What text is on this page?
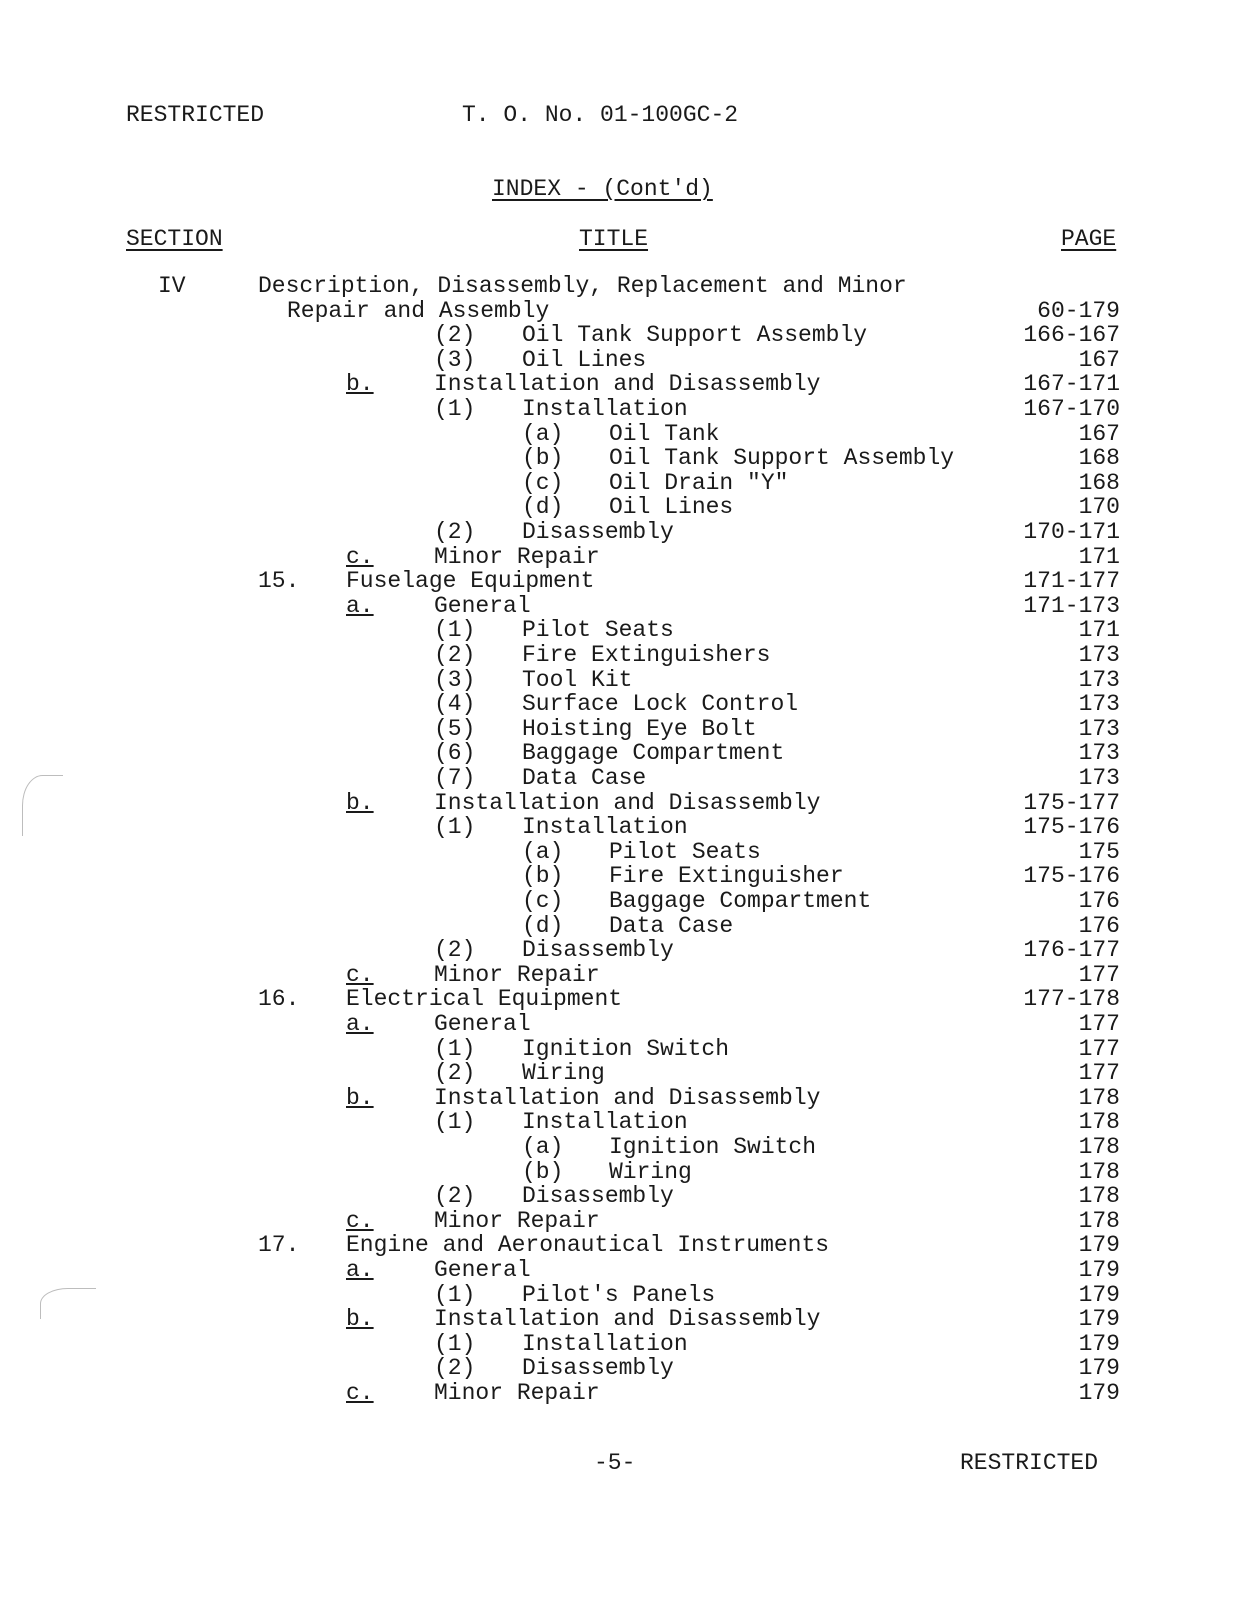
RESTRICTED	T. O. No. 01-100GC-2
INDEX - (Cont'd)
SECTION	TITLE	PAGE
IV	Description, Disassembly, Replacement and Minor
Repair and Assembly	60-179
(2) Oil Tank Support Assembly	166-167
(3) Oil Lines	167
b.	Installation and Disassembly	167-171
(1) Installation	167-170
(a) Oil Tank	167
(b) Oil Tank Support Assembly	168
(c) Oil Drain "Y"	168
(d) Oil Lines	170
(2) Disassembly	170-171
c.	Minor Repair	171
15. Fuselage Equipment	171-177
a.	General	171-173
(1) Pilot Seats	171
(2) Fire Extinguishers	173
(3) Tool Kit	173
(4) Surface Lock Control	173
(5) Hoisting Eye Bolt	173
(6) Baggage Compartment	173
(7) Data Case	173
b.	Installation and Disassembly	175-177
(1) Installation	175-176
(a) Pilot Seats	175
(b) Fire Extinguisher	175-176
(c) Baggage Compartment	176
(d) Data Case	176
(2) Disassembly	176-177
c.	Minor Repair	177
16. Electrical Equipment	177-178
a.	General	177
(1) Ignition Switch	177
(2) Wiring	177
b.	Installation and Disassembly	178
(1) Installation	178
(a) Ignition Switch	178
(b) Wiring	178
(2) Disassembly	178
c.	Minor Repair	178
17. Engine and Aeronautical Instruments	179
a.	General	179
(1) Pilot's Panels	179
b.	Installation and Disassembly	179
(1) Installation	179
(2) Disassembly	179
c.	Minor Repair	179
-5-	RESTRICTED
